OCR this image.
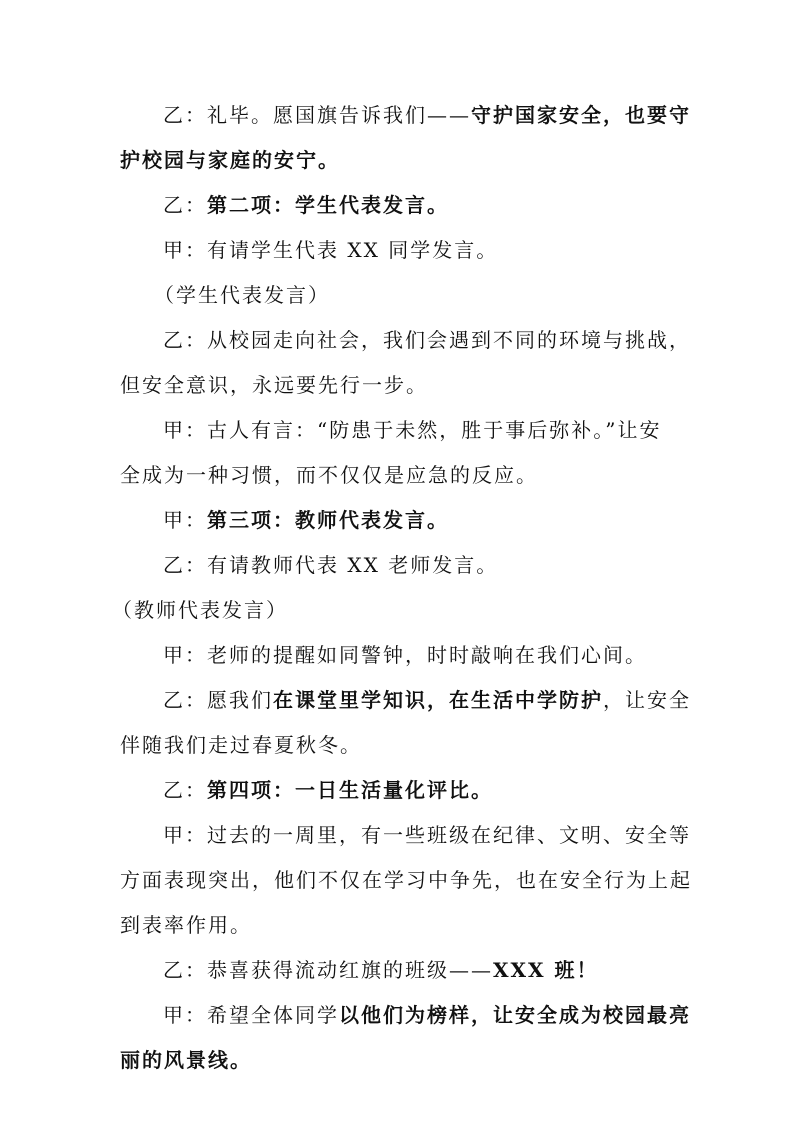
乙：礼毕。愿国旗告诉我们——守护国家安全，也要守
护校园与家庭的安宁。
乙：第二项：学生代表发言。
甲：有请学生代表 XX 同学发言。
（学生代表发言）
乙：从校园走向社会，我们会遇到不同的环境与挑战，
但安全意识，永远要先行一步。
甲：古人有言：“防患于未然，胜于事后弥补。”让安
全成为一种习惯，而不仅仅是应急的反应。
甲：第三项：教师代表发言。
乙：有请教师代表 XX 老师发言。
（教师代表发言）
甲：老师的提醒如同警钟，时时敲响在我们心间。
乙：愿我们在课堂里学知识，在生活中学防护，让安全
伴随我们走过春夏秋冬。
乙：第四项：一日生活量化评比。
甲：过去的一周里，有一些班级在纪律、文明、安全等
方面表现突出，他们不仅在学习中争先，也在安全行为上起
到表率作用。
乙：恭喜获得流动红旗的班级——XXX 班！
甲：希望全体同学以他们为榜样，让安全成为校园最亮
丽的风景线。
